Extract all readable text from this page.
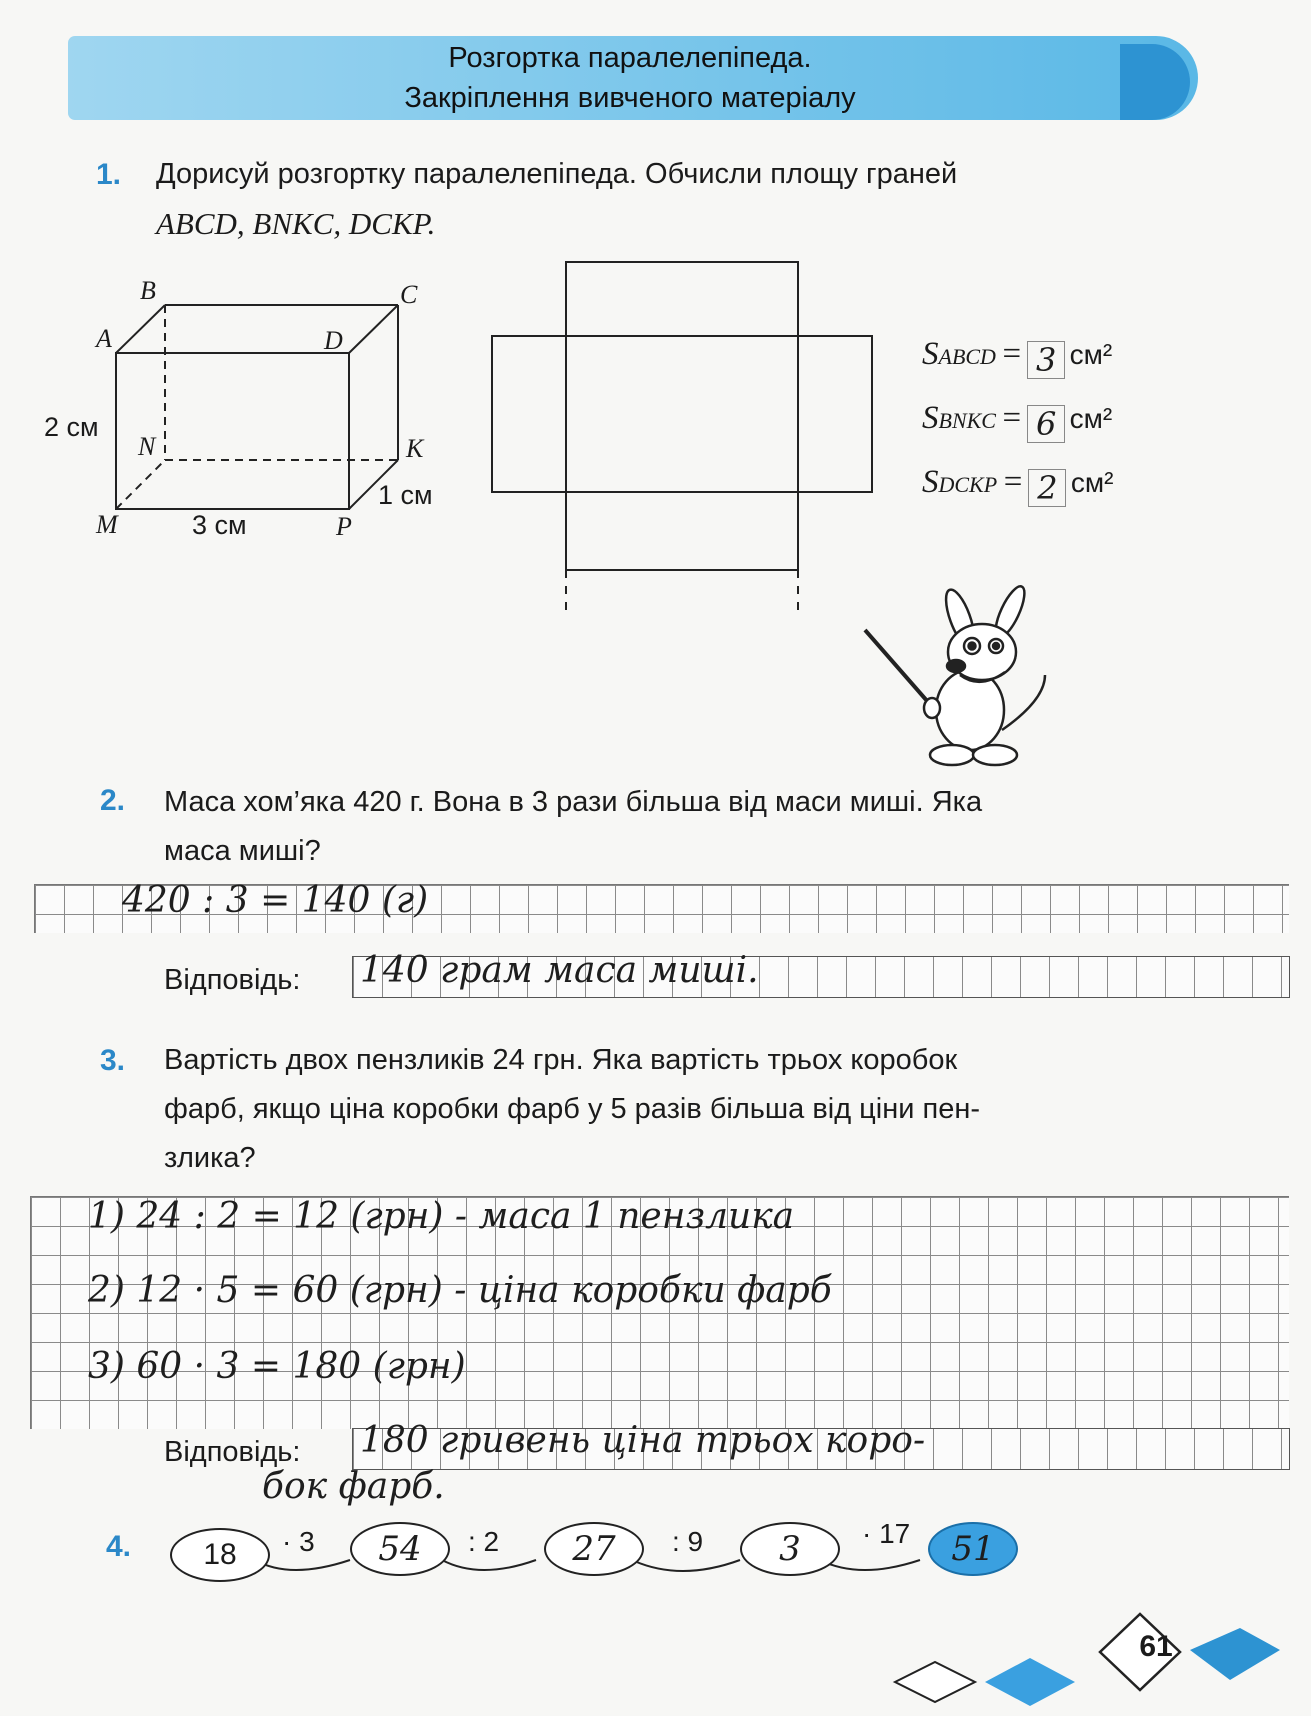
Розгортка паралелепіпеда.
Закріплення вивченого матеріалу
1. Дорисуй розгортку паралелепіпеда. Обчисли площу граней
ABCD, BNKC, DCKP.
B	C
A	D
N	K
M	P
2 см
3 см
1 см
SABCD = 3 см²
SBNKC = 6 см²
SDCKP = 2 см²
2. Маса хом’яка 420 г. Вона в 3 рази більша від маси миші. Яка
маса миші?
420 : 3 = 140 (г)
Відповідь: 140 грам маса миші.
3. Вартість двох пензликів 24 грн. Яка вартість трьох коробок
фарб, якщо ціна коробки фарб у 5 разів більша від ціни пен-
злика?
1) 24 : 2 = 12 (грн) - маса 1 пензлика
2) 12 · 5 = 60 (грн) - ціна коробки фарб
3) 60 · 3 = 180 (грн)
Відповідь: 180 гривень ціна трьох коро-
бок фарб.
4.	18	· 3	54	: 2	27	: 9	3	· 17	51
61
